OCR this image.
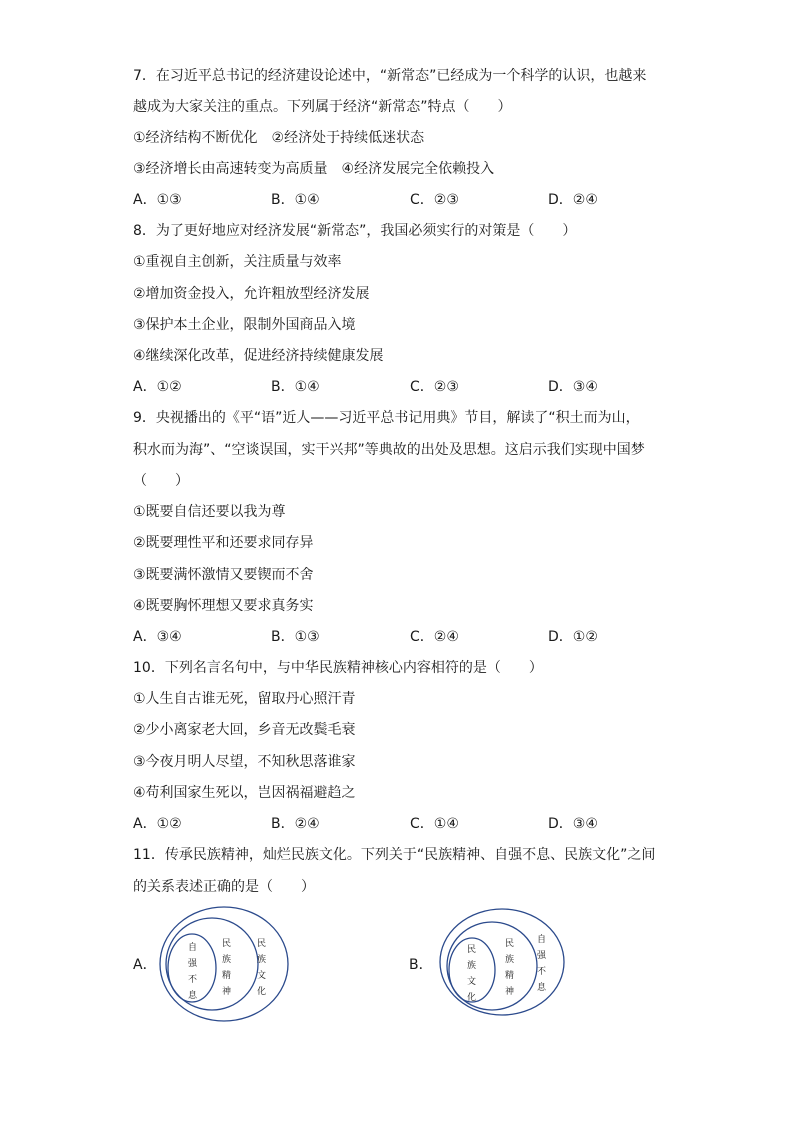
7．在习近平总书记的经济建设论述中，“新常态”已经成为一个科学的认识，也越来
越成为大家关注的重点。下列属于经济“新常态”特点（　　）
①经济结构不断优化　②经济处于持续低迷状态
③经济增长由高速转变为高质量　④经济发展完全依赖投入
A．①③	B．①④	C．②③	D．②④
8．为了更好地应对经济发展“新常态”，我国必须实行的对策是（　　）
①重视自主创新，关注质量与效率
②增加资金投入，允许粗放型经济发展
③保护本土企业，限制外国商品入境
④继续深化改革，促进经济持续健康发展
A．①②	B．①④	C．②③	D．③④
9．央视播出的《平“语”近人——习近平总书记用典》节目，解读了“积土而为山，
积水而为海”、“空谈误国，实干兴邦”等典故的出处及思想。这启示我们实现中国梦
（　　）
①既要自信还要以我为尊
②既要理性平和还要求同存异
③既要满怀激情又要锲而不舍
④既要胸怀理想又要求真务实
A．③④	B．①③	C．②④	D．①②
10．下列名言名句中，与中华民族精神核心内容相符的是（　　）
①人生自古谁无死，留取丹心照汗青
②少小离家老大回，乡音无改鬓毛衰
③今夜月明人尽望，不知秋思落谁家
④苟利国家生死以，岂因祸福避趋之
A．①②	B．②④	C．①④	D．③④
11．传承民族精神，灿烂民族文化。下列关于“民族精神、自强不息、民族文化”之间
的关系表述正确的是（　　）
A．
自
强
不
息
民
族
精
神
民
族
文
化
B．
民
族
文
化
民
族
精
神
自
强
不
息
